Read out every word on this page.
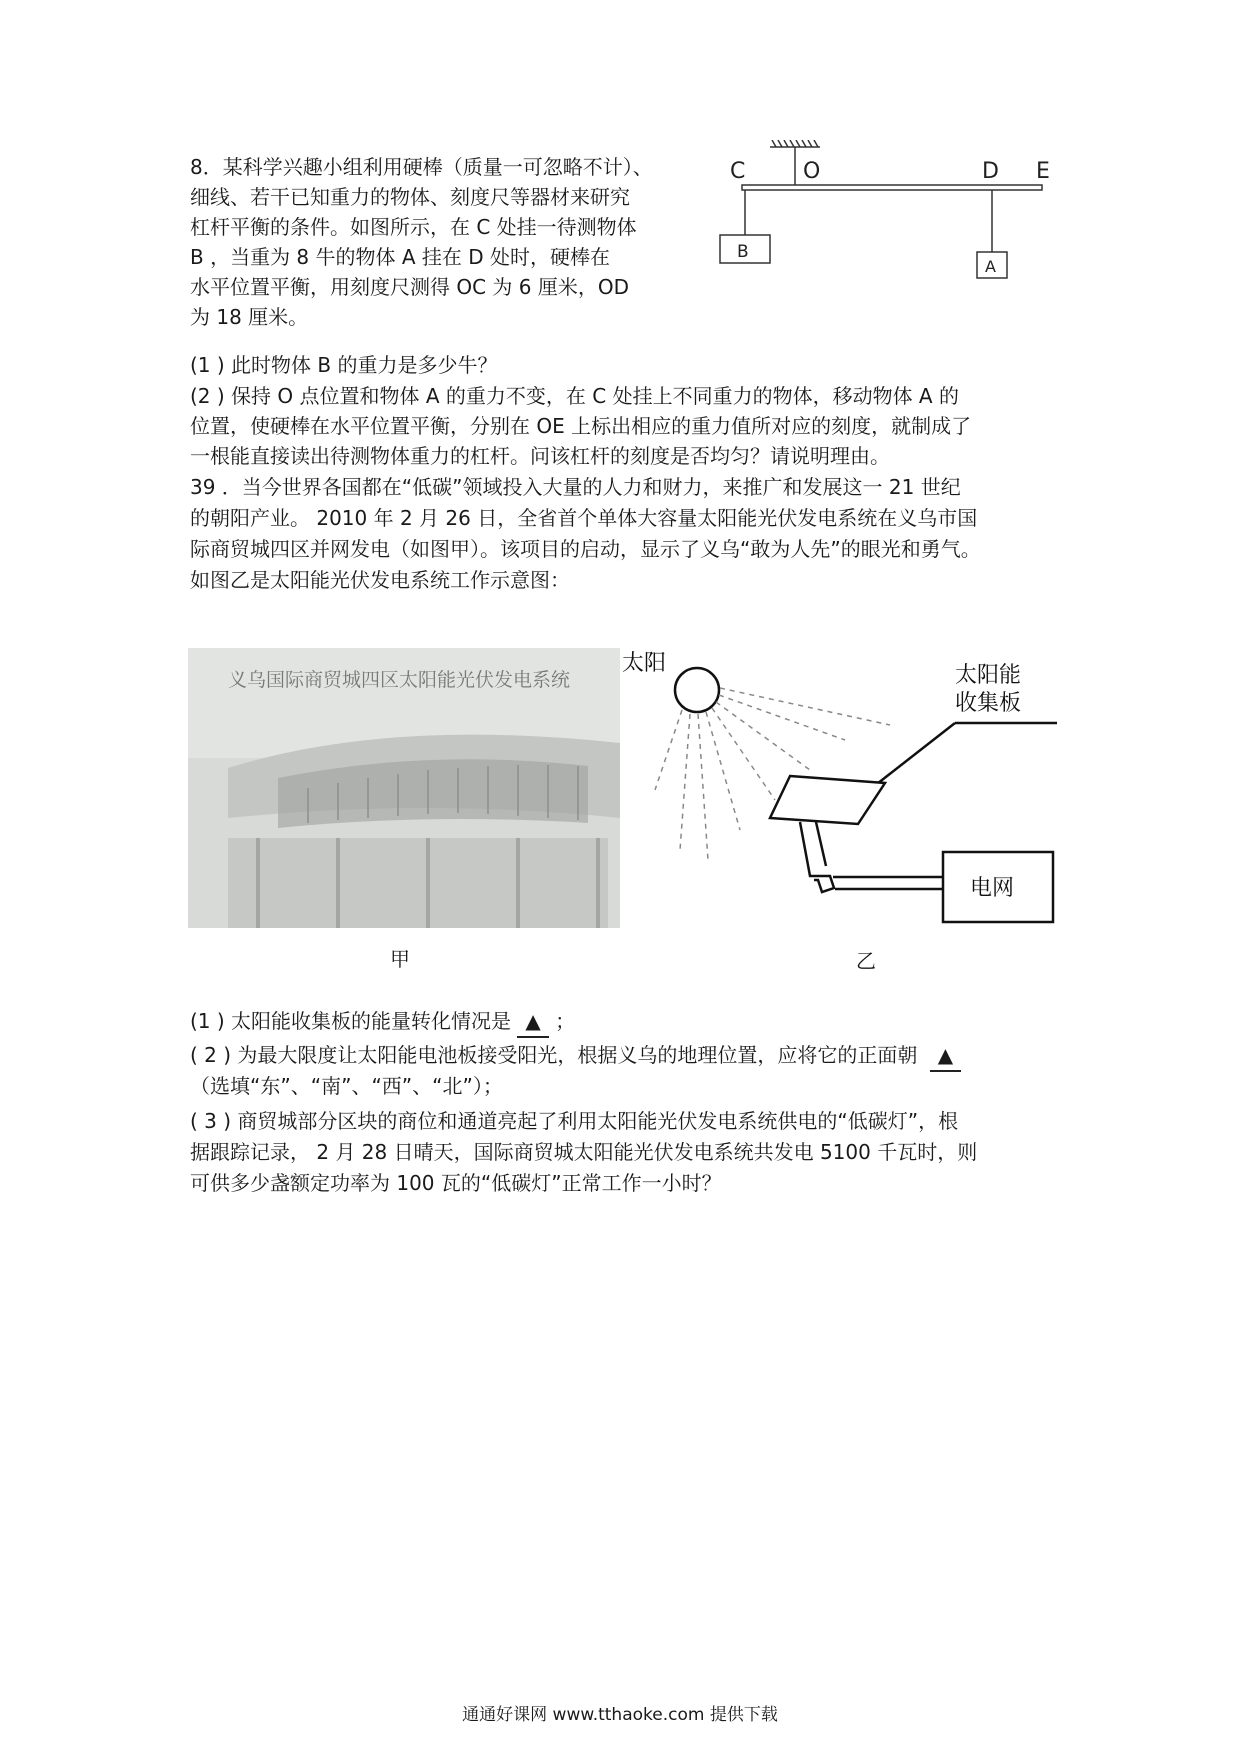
8．某科学兴趣小组利用硬棒（质量一可忽略不计）、
细线、若干已知重力的物体、刻度尺等器材来研究
杠杆平衡的条件。如图所示，在 C 处挂一待测物体
B ，当重为 8 牛的物体 A 挂在 D 处时，硬棒在
水平位置平衡，用刻度尺测得 OC 为 6 厘米，OD
为 18 厘米。
C	O	D E
B
A
(1 ) 此时物体 B 的重力是多少牛？
(2 ) 保持 O 点位置和物体 A 的重力不变，在 C 处挂上不同重力的物体，移动物体 A 的
位置，使硬棒在水平位置平衡，分别在 OE 上标出相应的重力值所对应的刻度，就制成了
一根能直接读出待测物体重力的杠杆。问该杠杆的刻度是否均匀？请说明理由。
39 ．当今世界各国都在“低碳”领域投入大量的人力和财力，来推广和发展这一 21 世纪
的朝阳产业。 2010 年 2 月 26 日，全省首个单体大容量太阳能光伏发电系统在义乌市国
际商贸城四区并网发电（如图甲）。该项目的启动，显示了义乌“敢为人先”的眼光和勇气。
如图乙是太阳能光伏发电系统工作示意图：
义乌国际商贸城四区太阳能光伏发电系统
太阳	太阳能
收集板
电网
甲	乙
(1 ) 太阳能收集板的能量转化情况是 ▲ ；
( 2 ) 为最大限度让太阳能电池板接受阳光，根据义乌的地理位置，应将它的正面朝 ▲
（选填“东”、“南”、“西”、“北”）；
( 3 ) 商贸城部分区块的商位和通道亮起了利用太阳能光伏发电系统供电的“低碳灯”，根
据跟踪记录， 2 月 28 日晴天，国际商贸城太阳能光伏发电系统共发电 5100 千瓦时，则
可供多少盏额定功率为 100 瓦的“低碳灯”正常工作一小时？
通通好课网 www.tthaoke.com 提供下载
